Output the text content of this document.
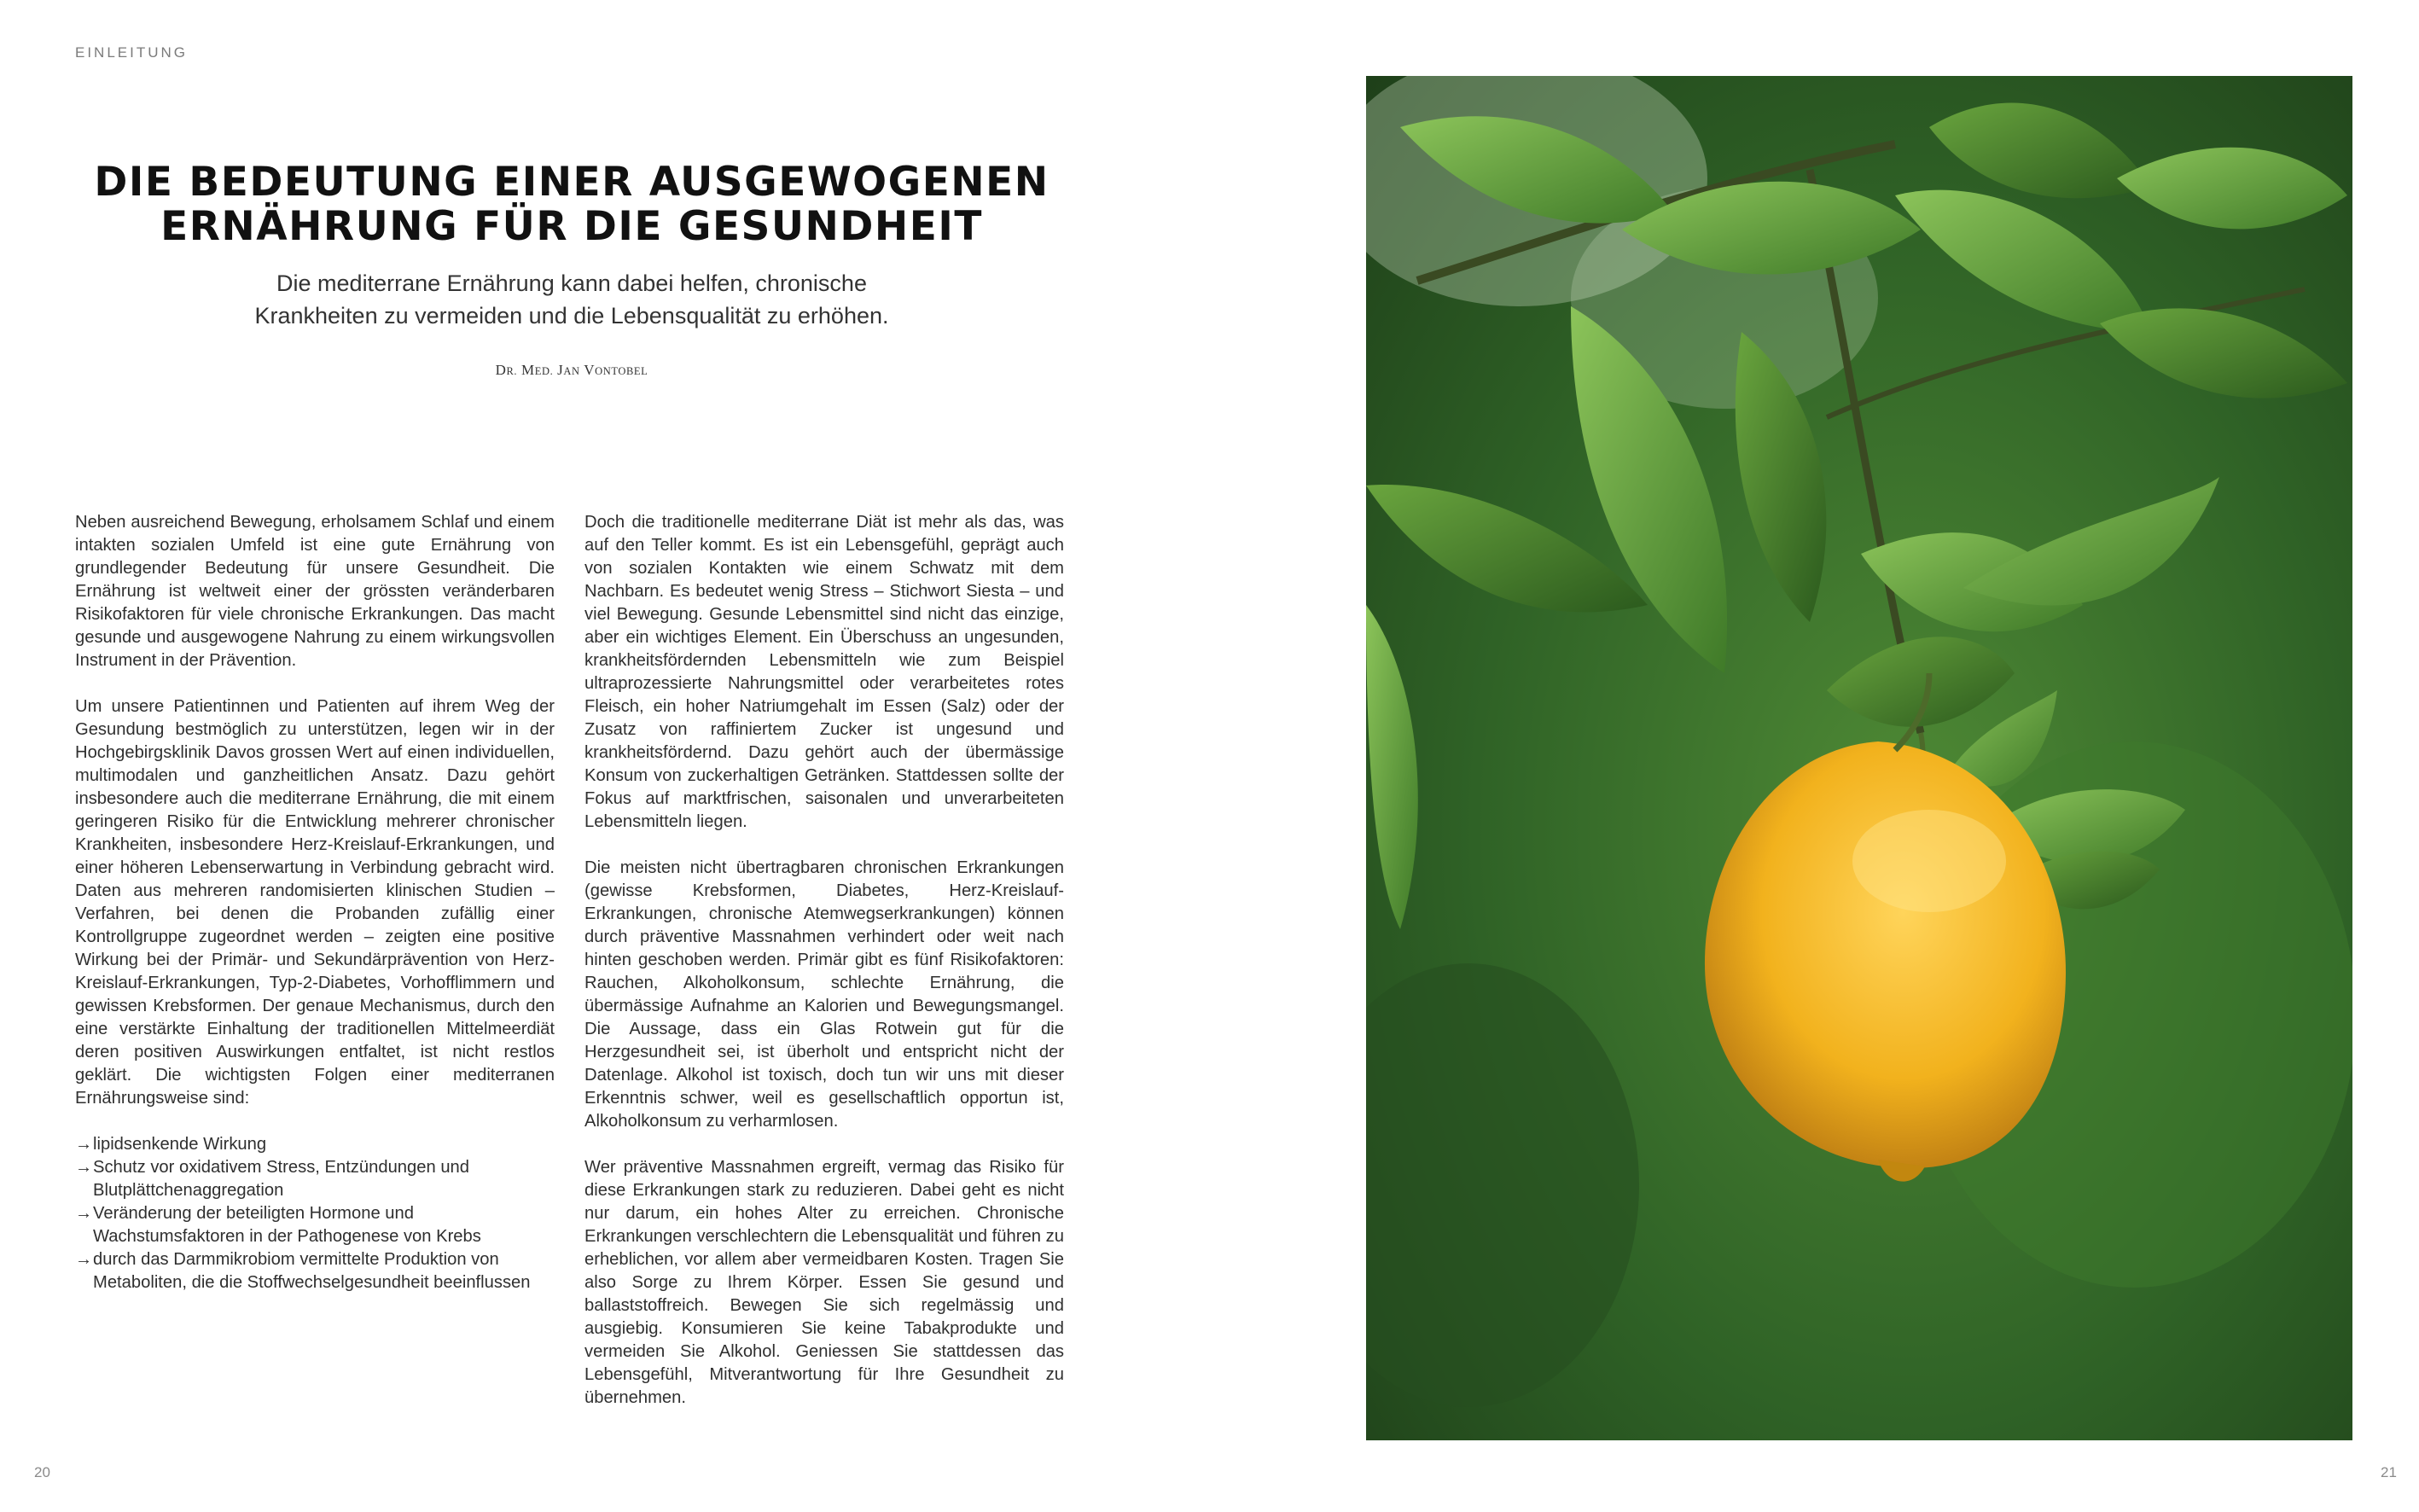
EINLEITUNG
DIE BEDEUTUNG EINER AUSGEWOGENEN
ERNÄHRUNG FÜR DIE GESUNDHEIT

Die mediterrane Ernährung kann dabei helfen, chronische
Krankheiten zu vermeiden und die Lebensqualität zu erhöhen.

DR. MED. JAN VONTOBEL

Neben ausreichend Bewegung, erholsamem Schlaf und einem intakten sozialen Umfeld ist eine gute Ernährung von grundlegender Bedeutung für unsere Gesundheit. Die Ernährung ist weltweit einer der grössten veränderbaren Risikofaktoren für viele chronische Erkrankungen. Das macht gesunde und ausgewogene Nahrung zu einem wirkungsvollen Instrument in der Prävention.

Um unsere Patientinnen und Patienten auf ihrem Weg der Gesundung bestmöglich zu unterstützen, legen wir in der Hochgebirgsklinik Davos grossen Wert auf einen individuellen, multimodalen und ganzheitlichen Ansatz. Dazu gehört insbesondere auch die mediterrane Ernährung, die mit einem geringeren Risiko für die Entwicklung mehrerer chronischer Krankheiten, insbesondere Herz-Kreislauf-Erkrankungen, und einer höheren Lebenserwartung in Verbindung gebracht wird. Daten aus mehreren randomisierten klinischen Studien – Verfahren, bei denen die Probanden zufällig einer Kontrollgruppe zugeordnet werden – zeigten eine positive Wirkung bei der Primär- und Sekundärprävention von Herz-Kreislauf-Erkrankungen, Typ-2-Diabetes, Vorhofflimmern und gewissen Krebsformen. Der genaue Mechanismus, durch den eine verstärkte Einhaltung der traditionellen Mittelmeerdiät deren positiven Auswirkungen entfaltet, ist nicht restlos geklärt. Die wichtigsten Folgen einer mediterranen Ernährungsweise sind:

→ lipidsenkende Wirkung
→ Schutz vor oxidativem Stress, Entzündungen und Blutplättchenaggregation
→ Veränderung der beteiligten Hormone und Wachstumsfaktoren in der Pathogenese von Krebs
→ durch das Darmmikrobiom vermittelte Produktion von Metaboliten, die die Stoffwechselgesundheit beeinflussen

Doch die traditionelle mediterrane Diät ist mehr als das, was auf den Teller kommt. Es ist ein Lebensgefühl, geprägt auch von sozialen Kontakten wie einem Schwatz mit dem Nachbarn. Es bedeutet wenig Stress – Stichwort Siesta – und viel Bewegung. Gesunde Lebensmittel sind nicht das einzige, aber ein wichtiges Element. Ein Überschuss an ungesunden, krankheitsfördernden Lebensmitteln wie zum Beispiel ultraprozessierte Nahrungsmittel oder verarbeitetes rotes Fleisch, ein hoher Natriumgehalt im Essen (Salz) oder der Zusatz von raffiniertem Zucker ist ungesund und krankheitsfördernd. Dazu gehört auch der übermässige Konsum von zuckerhaltigen Getränken. Stattdessen sollte der Fokus auf marktfrischen, saisonalen und unverarbeiteten Lebensmitteln liegen.

Die meisten nicht übertragbaren chronischen Erkrankungen (gewisse Krebsformen, Diabetes, Herz-Kreislauf-Erkrankungen, chronische Atemwegserkrankungen) können durch präventive Massnahmen verhindert oder weit nach hinten geschoben werden. Primär gibt es fünf Risikofaktoren: Rauchen, Alkoholkonsum, schlechte Ernährung, die übermässige Aufnahme an Kalorien und Bewegungsmangel. Die Aussage, dass ein Glas Rotwein gut für die Herzgesundheit sei, ist überholt und entspricht nicht der Datenlage. Alkohol ist toxisch, doch tun wir uns mit dieser Erkenntnis schwer, weil es gesellschaftlich opportun ist, Alkoholkonsum zu verharmlosen.

Wer präventive Massnahmen ergreift, vermag das Risiko für diese Erkrankungen stark zu reduzieren. Dabei geht es nicht nur darum, ein hohes Alter zu erreichen. Chronische Erkrankungen verschlechtern die Lebensqualität und führen zu erheblichen, vor allem aber vermeidbaren Kosten. Tragen Sie also Sorge zu Ihrem Körper. Essen Sie gesund und ballaststoffreich. Bewegen Sie sich regelmässig und ausgiebig. Konsumieren Sie keine Tabakprodukte und vermeiden Sie Alkohol. Geniessen Sie stattdessen das Lebensgefühl, Mitverantwortung für Ihre Gesundheit zu übernehmen.

20	21
